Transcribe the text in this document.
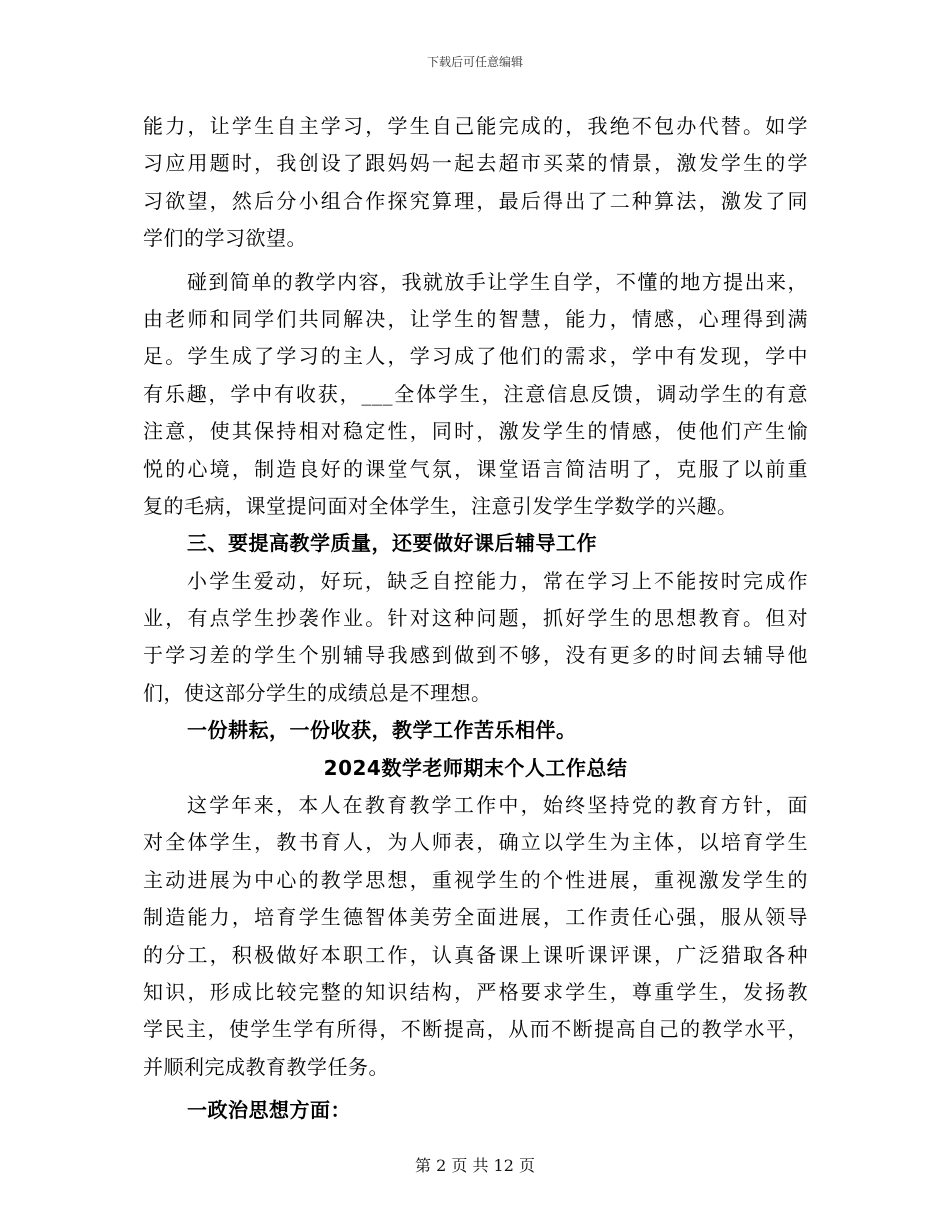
下载后可任意编辑
能力，让学生自主学习，学生自己能完成的，我绝不包办代替。如学
习应用题时，我创设了跟妈妈一起去超市买菜的情景，激发学生的学
习欲望，然后分小组合作探究算理，最后得出了二种算法，激发了同
学们的学习欲望。
碰到简单的教学内容，我就放手让学生自学，不懂的地方提出来，
由老师和同学们共同解决，让学生的智慧，能力，情感，心理得到满
足。学生成了学习的主人，学习成了他们的需求，学中有发现，学中
有乐趣，学中有收获，___全体学生，注意信息反馈，调动学生的有意
注意，使其保持相对稳定性，同时，激发学生的情感，使他们产生愉
悦的心境，制造良好的课堂气氛，课堂语言简洁明了，克服了以前重
复的毛病，课堂提问面对全体学生，注意引发学生学数学的兴趣。
三、要提高教学质量，还要做好课后辅导工作
小学生爱动，好玩，缺乏自控能力，常在学习上不能按时完成作
业，有点学生抄袭作业。针对这种问题，抓好学生的思想教育。但对
于学习差的学生个别辅导我感到做到不够，没有更多的时间去辅导他
们，使这部分学生的成绩总是不理想。
一份耕耘，一份收获，教学工作苦乐相伴。
2024数学老师期末个人工作总结
这学年来，本人在教育教学工作中，始终坚持党的教育方针，面
对全体学生，教书育人，为人师表，确立以学生为主体，以培育学生
主动进展为中心的教学思想，重视学生的个性进展，重视激发学生的
制造能力，培育学生德智体美劳全面进展，工作责任心强，服从领导
的分工，积极做好本职工作，认真备课上课听课评课，广泛猎取各种
知识，形成比较完整的知识结构，严格要求学生，尊重学生，发扬教
学民主，使学生学有所得，不断提高，从而不断提高自己的教学水平，
并顺利完成教育教学任务。
一政治思想方面：
第 2 页 共 12 页
